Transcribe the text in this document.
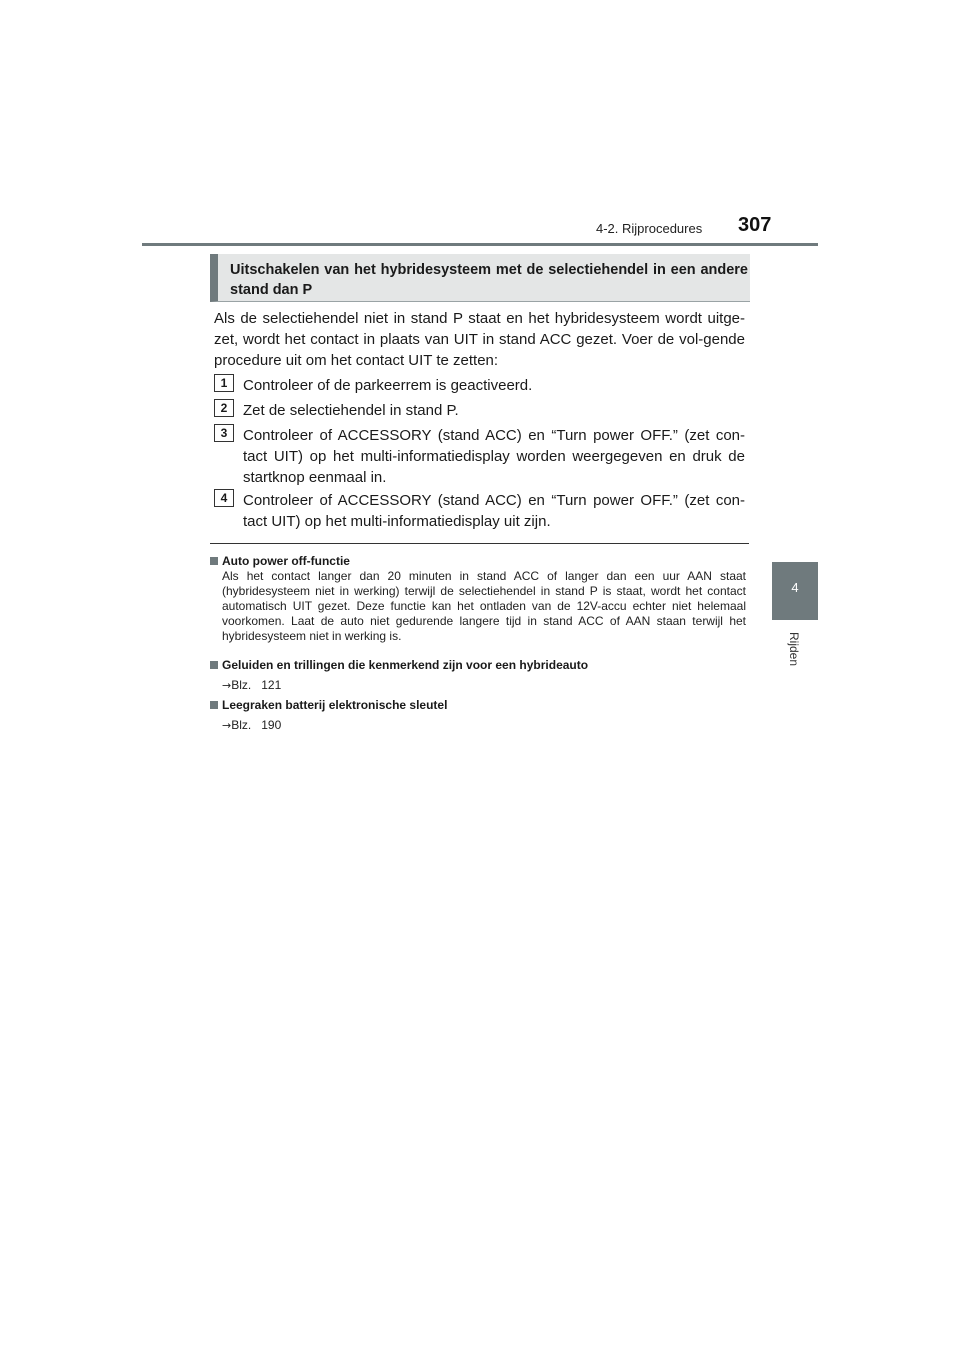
4-2. Rijprocedures 307
4
Rijden
Uitschakelen van het hybridesysteem met de selectiehendel in een andere stand dan P
Als de selectiehendel niet in stand P staat en het hybridesysteem wordt uitge-zet, wordt het contact in plaats van UIT in stand ACC gezet. Voer de vol-gende procedure uit om het contact UIT te zetten:
1	Controleer of de parkeerrem is geactiveerd.
2	Zet de selectiehendel in stand P.
3	Controleer of ACCESSORY (stand ACC) en “Turn power OFF.” (zet con-tact UIT) op het multi-informatiedisplay worden weergegeven en druk de startknop eenmaal in.
4	Controleer of ACCESSORY (stand ACC) en “Turn power OFF.” (zet con-tact UIT) op het multi-informatiedisplay uit zijn.
Auto power off-functie
Als het contact langer dan 20 minuten in stand ACC of langer dan een uur AAN staat (hybridesysteem niet in werking) terwijl de selectiehendel in stand P is staat, wordt het contact automatisch UIT gezet. Deze functie kan het ontladen van de 12V-accu echter niet helemaal voorkomen. Laat de auto niet gedurende langere tijd in stand ACC of AAN staan terwijl het hybridesysteem niet in werking is.
Geluiden en trillingen die kenmerkend zijn voor een hybrideauto
→Blz. 121
Leegraken batterij elektronische sleutel
→Blz. 190
